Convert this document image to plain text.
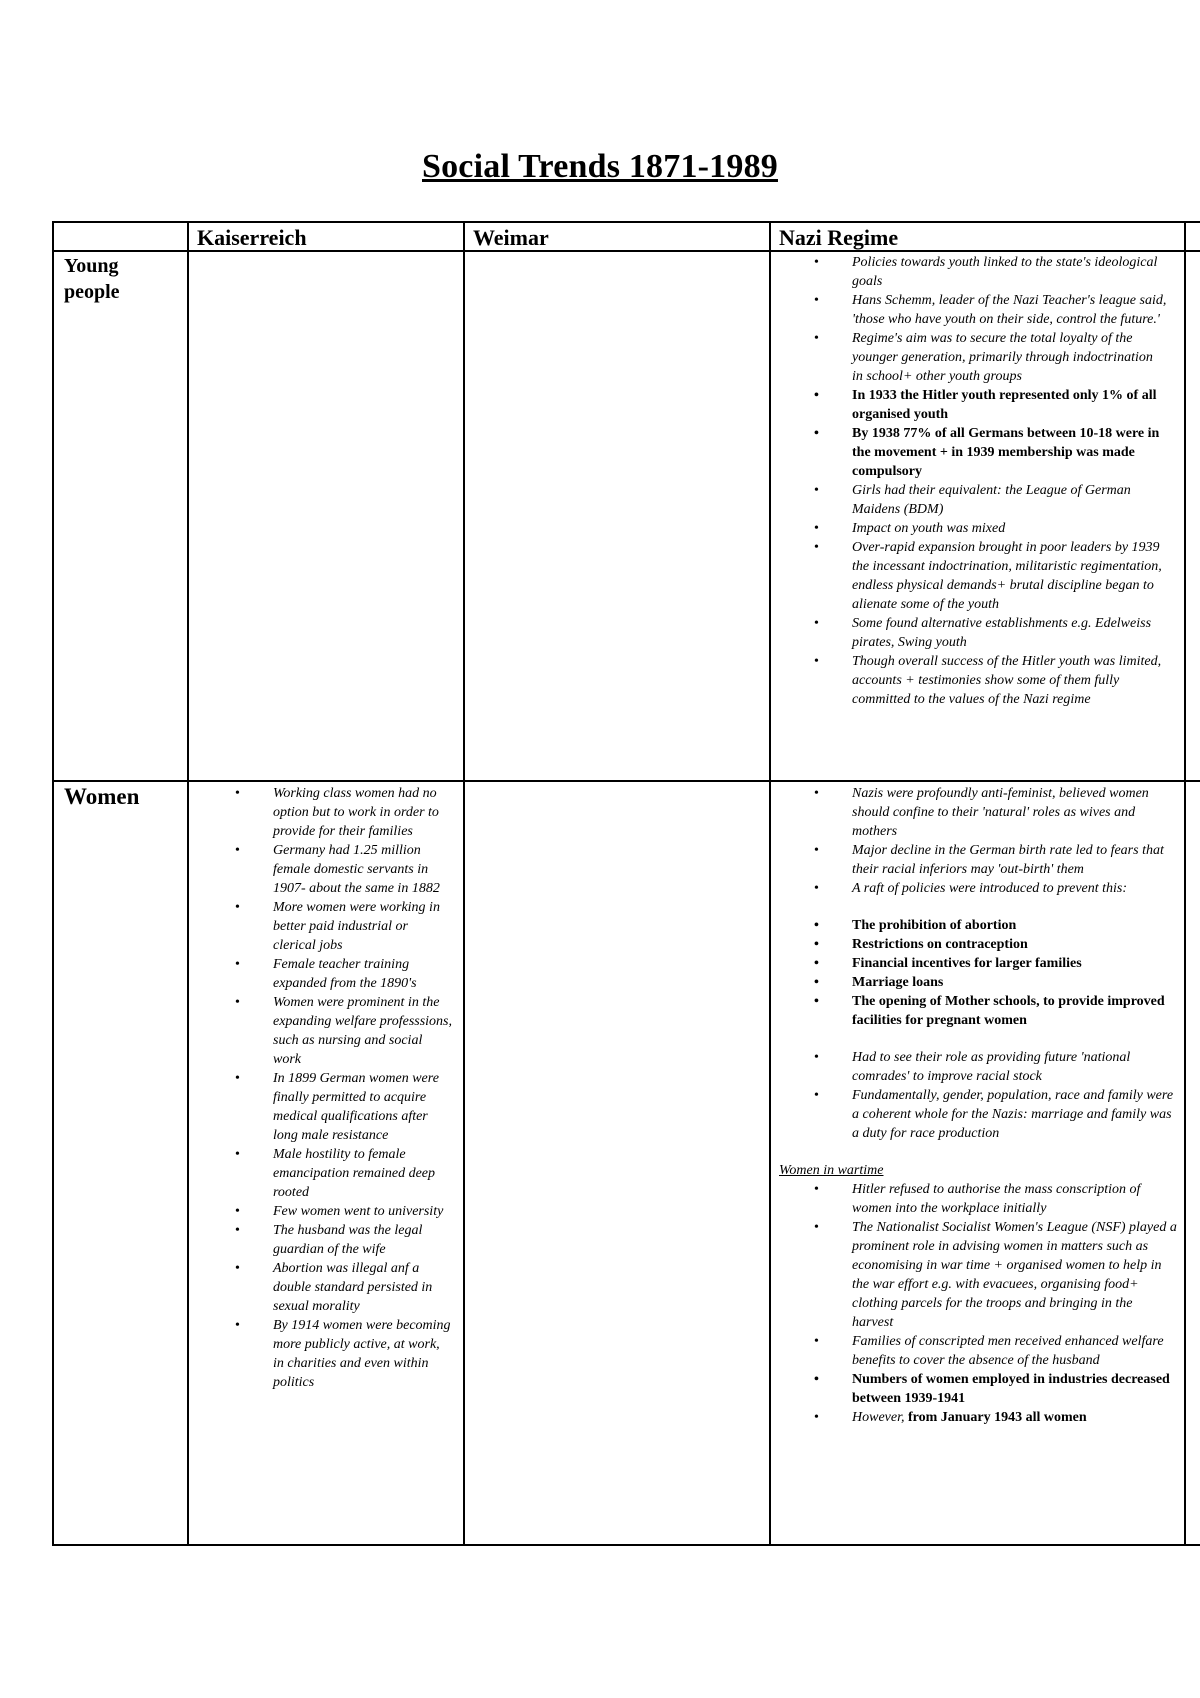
Social Trends 1871-1989
Kaiserreich	Weimar	Nazi Regime
Young people
Women
• Policies towards youth linked to the state's ideological goals
• Hans Schemm, leader of the Nazi Teacher's league said, 'those who have youth on their side, control the future.'
• Regime's aim was to secure the total loyalty of the younger generation, primarily through indoctrination in school+ other youth groups
• In 1933 the Hitler youth represented only 1% of all organised youth
• By 1938 77% of all Germans between 10-18 were in the movement + in 1939 membership was made compulsory
• Girls had their equivalent: the League of German Maidens (BDM)
• Impact on youth was mixed
• Over-rapid expansion brought in poor leaders by 1939 the incessant indoctrination, militaristic regimentation, endless physical demands+ brutal discipline began to alienate some of the youth
• Some found alternative establishments e.g. Edelweiss pirates, Swing youth
• Though overall success of the Hitler youth was limited, accounts + testimonies show some of them fully committed to the values of the Nazi regime
• Working class women had no option but to work in order to provide for their families
• Germany had 1.25 million female domestic servants in 1907- about the same in 1882
• More women were working in better paid industrial or clerical jobs
• Female teacher training expanded from the 1890's
• Women were prominent in the expanding welfare professsions, such as nursing and social work
• In 1899 German women were finally permitted to acquire medical qualifications after long male resistance
• Male hostility to female emancipation remained deep rooted
• Few women went to university
• The husband was the legal guardian of the wife
• Abortion was illegal anf a double standard persisted in sexual morality
• By 1914 women were becoming more publicly active, at work, in charities and even within politics
• Nazis were profoundly anti-feminist, believed women should confine to their 'natural' roles as wives and mothers
• Major decline in the German birth rate led to fears that their racial inferiors may 'out-birth' them
• A raft of policies were introduced to prevent this:
• The prohibition of abortion
• Restrictions on contraception
• Financial incentives for larger families
• Marriage loans
• The opening of Mother schools, to provide improved facilities for pregnant women
• Had to see their role as providing future 'national comrades' to improve racial stock
• Fundamentally, gender, population, race and family were a coherent whole for the Nazis: marriage and family was a duty for race production
Women in wartime
• Hitler refused to authorise the mass conscription of women into the workplace initially
• The Nationalist Socialist Women's League (NSF) played a prominent role in advising women in matters such as economising in war time + organised women to help in the war effort e.g. with evacuees, organising food+ clothing parcels for the troops and bringing in the harvest
• Families of conscripted men received enhanced welfare benefits to cover the absence of the husband
• Numbers of women employed in industries decreased between 1939-1941
• However, from January 1943 all women
